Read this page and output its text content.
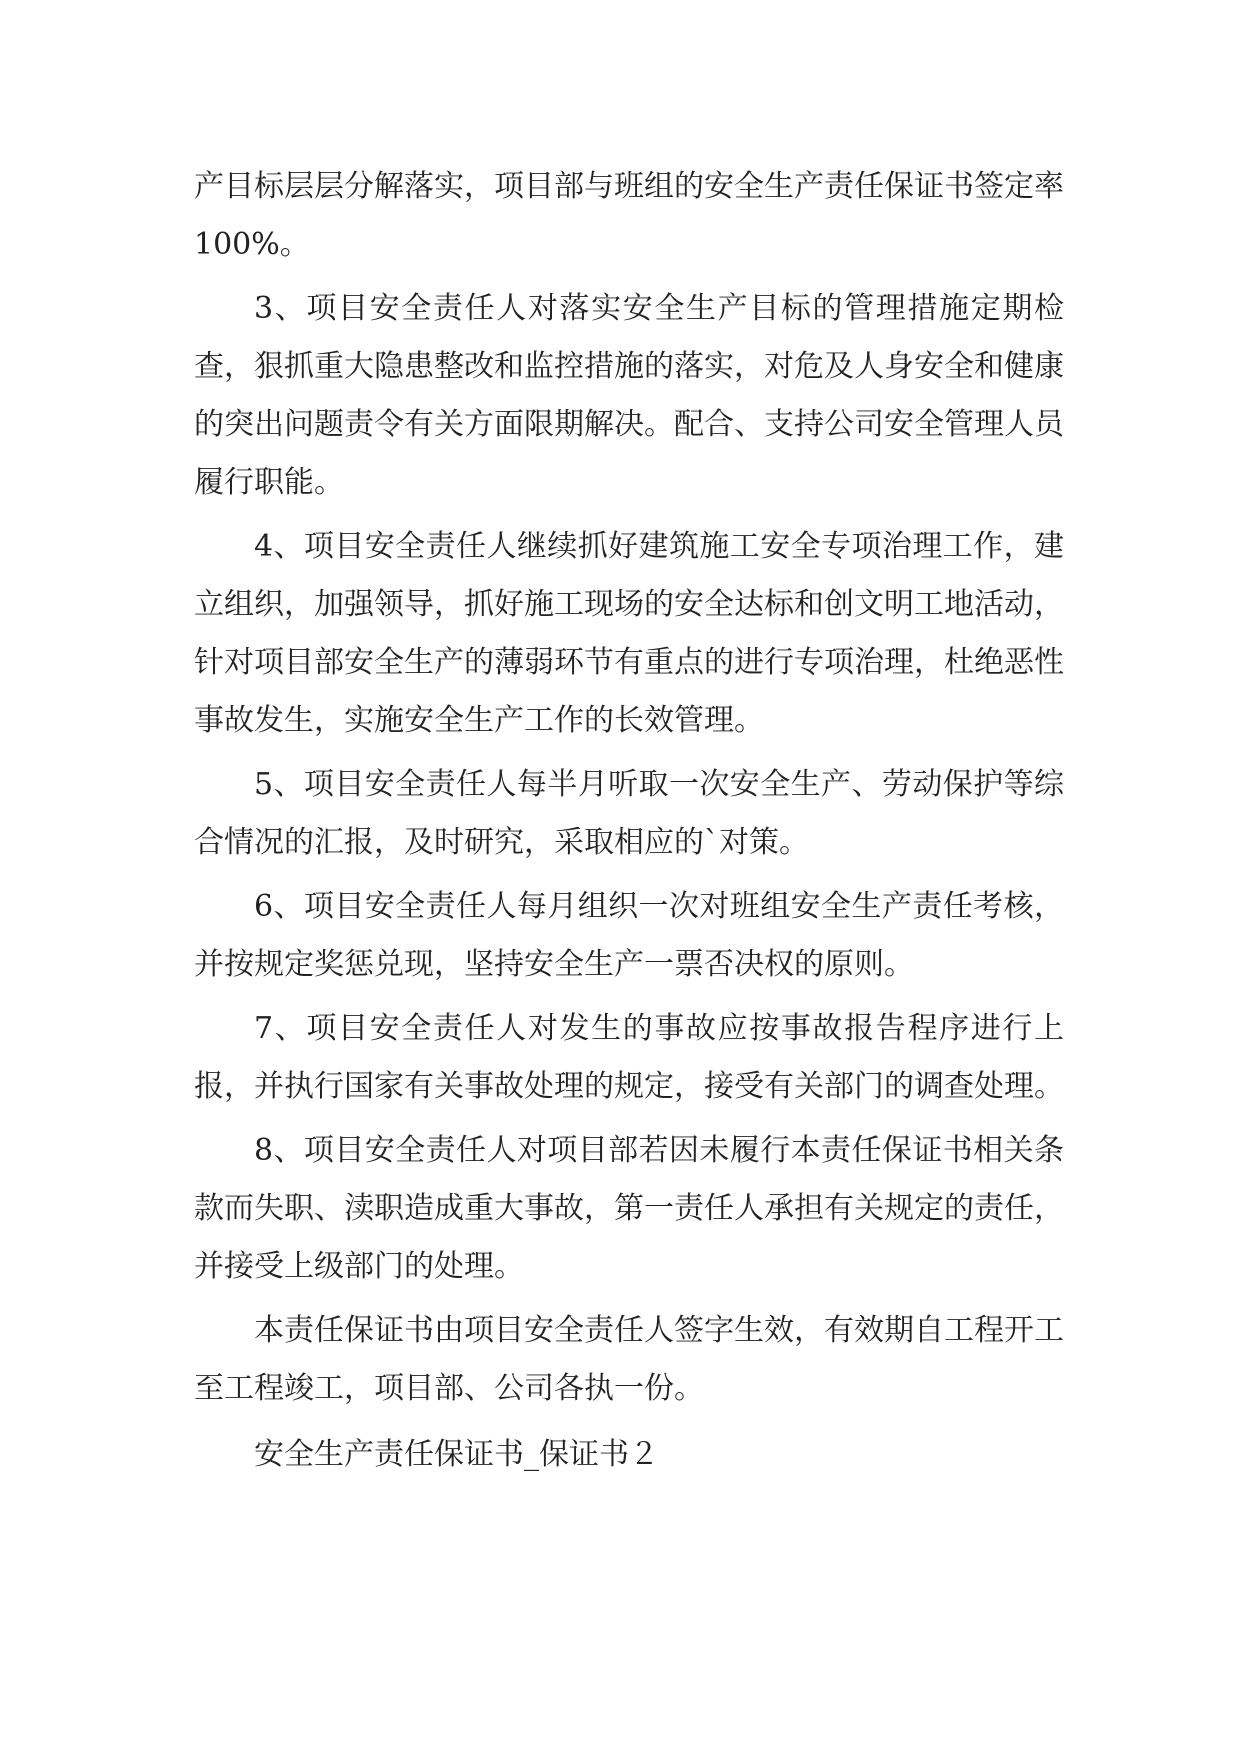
产目标层层分解落实，项目部与班组的安全生产责任保证书签定率 100%。

3、项目安全责任人对落实安全生产目标的管理措施定期检查，狠抓重大隐患整改和监控措施的落实，对危及人身安全和健康的突出问题责令有关方面限期解决。配合、支持公司安全管理人员履行职能。

4、项目安全责任人继续抓好建筑施工安全专项治理工作，建立组织，加强领导，抓好施工现场的安全达标和创文明工地活动，针对项目部安全生产的薄弱环节有重点的进行专项治理，杜绝恶性事故发生，实施安全生产工作的长效管理。

5、项目安全责任人每半月听取一次安全生产、劳动保护等综合情况的汇报，及时研究，采取相应的`对策。

6、项目安全责任人每月组织一次对班组安全生产责任考核，并按规定奖惩兑现，坚持安全生产一票否决权的原则。

7、项目安全责任人对发生的事故应按事故报告程序进行上报，并执行国家有关事故处理的规定，接受有关部门的调查处理。

8、项目安全责任人对项目部若因未履行本责任保证书相关条款而失职、渎职造成重大事故，第一责任人承担有关规定的责任，并接受上级部门的处理。

本责任保证书由项目安全责任人签字生效，有效期自工程开工至工程竣工，项目部、公司各执一份。

安全生产责任保证书_保证书２
